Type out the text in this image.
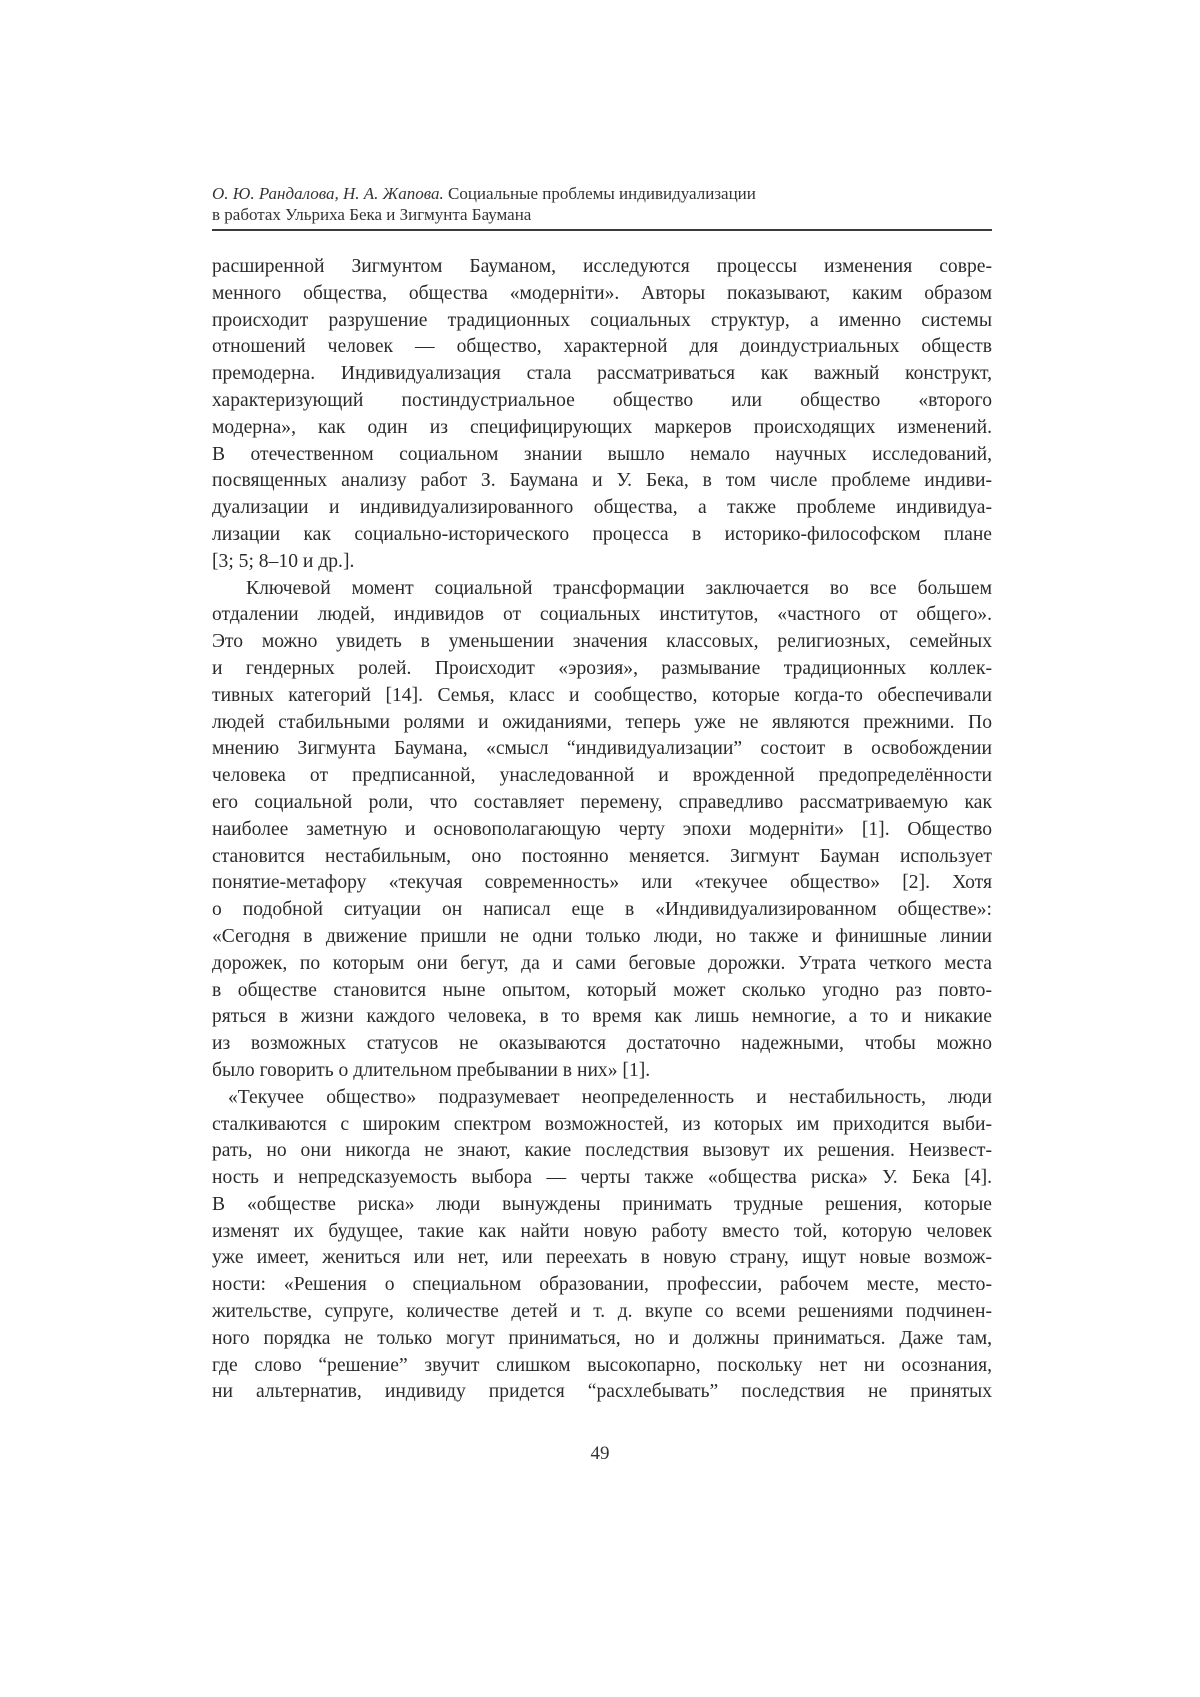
О. Ю. Рандалова, Н. А. Жапова. Социальные проблемы индивидуализации
в работах Ульриха Бека и Зигмунта Баумана
расширенной Зигмунтом Бауманом, исследуются процессы изменения совре-
менного общества, общества «модерніти». Авторы показывают, каким образом
происходит разрушение традиционных социальных структур, а именно системы
отношений человек — общество, характерной для доиндустриальных обществ
премодерна. Индивидуализация стала рассматриваться как важный конструкт,
характеризующий постиндустриальное общество или общество «второго
модерна», как один из специфицирующих маркеров происходящих изменений.
В отечественном социальном знании вышло немало научных исследований,
посвященных анализу работ З. Баумана и У. Бека, в том числе проблеме индиви-
дуализации и индивидуализированного общества, а также проблеме индивидуа-
лизации как социально-исторического процесса в историко-философском плане
[3; 5; 8–10 и др.].
Ключевой момент социальной трансформации заключается во все большем
отдалении людей, индивидов от социальных институтов, «частного от общего».
Это можно увидеть в уменьшении значения классовых, религиозных, семейных
и гендерных ролей. Происходит «эрозия», размывание традиционных коллек-
тивных категорий [14]. Семья, класс и сообщество, которые когда-то обеспечивали
людей стабильными ролями и ожиданиями, теперь уже не являются прежними. По
мнению Зигмунта Баумана, «смысл “индивидуализации” состоит в освобождении
человека от предписанной, унаследованной и врожденной предопределённости
его социальной роли, что составляет перемену, справедливо рассматриваемую как
наиболее заметную и основополагающую черту эпохи модерніти» [1]. Общество
становится нестабильным, оно постоянно меняется. Зигмунт Бауман использует
понятие-метафору «текучая современность» или «текучее общество» [2]. Хотя
о подобной ситуации он написал еще в «Индивидуализированном обществе»:
«Сегодня в движение пришли не одни только люди, но также и финишные линии
дорожек, по которым они бегут, да и сами беговые дорожки. Утрата четкого места
в обществе становится ныне опытом, который может сколько угодно раз повто-
ряться в жизни каждого человека, в то время как лишь немногие, а то и никакие
из возможных статусов не оказываются достаточно надежными, чтобы можно
было говорить о длительном пребывании в них» [1].
«Текучее общество» подразумевает неопределенность и нестабильность, люди
сталкиваются с широким спектром возможностей, из которых им приходится выби-
рать, но они никогда не знают, какие последствия вызовут их решения. Неизвест-
ность и непредсказуемость выбора — черты также «общества риска» У. Бека [4].
В «обществе риска» люди вынуждены принимать трудные решения, которые
изменят их будущее, такие как найти новую работу вместо той, которую человек
уже имеет, жениться или нет, или переехать в новую страну, ищут новые возмож-
ности: «Решения о специальном образовании, профессии, рабочем месте, место-
жительстве, супруге, количестве детей и т. д. вкупе со всеми решениями подчинен-
ного порядка не только могут приниматься, но и должны приниматься. Даже там,
где слово “решение” звучит слишком высокопарно, поскольку нет ни осознания,
ни альтернатив, индивиду придется “расхлебывать” последствия не принятых
49
